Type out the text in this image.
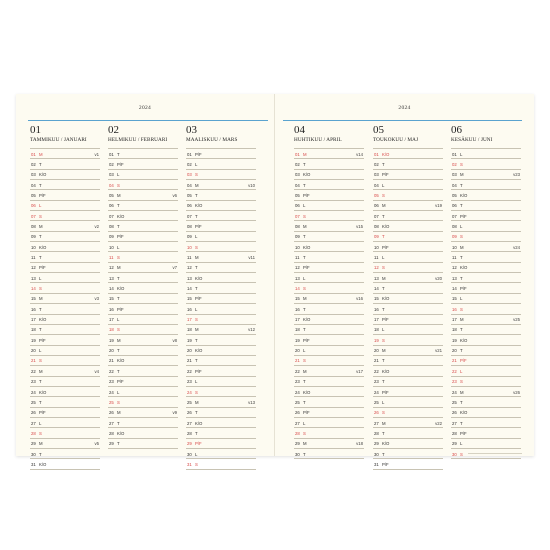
2024
01
TAMMIKUU / JANUARI
01 M	v1
02 T
03 K/O
04 T
05 P/F
06 L
07 S
08 M	v2
09 T
10 K/O
11 T
12 P/F
13 L
14 S
15 M	v3
16 T
17 K/O
18 T
19 P/F
20 L
21 S
22 M	v4
23 T
24 K/O
25 T
26 P/F
27 L
28 S
29 M	v5
30 T
31 K/O
02
HELMIKUU / FEBRUARI
01 T
02 P/F
03 L
04 S
05 M	v6
06 T
07 K/O
08 T
09 P/F
10 L
11 S
12 M	v7
13 T
14 K/O
15 T
16 P/F
17 L
18 S
19 M	v8
20 T
21 K/O
22 T
23 P/F
24 L
25 S
26 M	v9
27 T
28 K/O
29 T
03
MAALISKUU / MARS
01 P/F
02 L
03 S
04 M	v10
05 T
06 K/O
07 T
08 P/F
09 L
10 S
11 M	v11
12 T
13 K/O
14 T
15 P/F
16 L
17 S
18 M	v12
19 T
20 K/O
21 T
22 P/F
23 L
24 S
25 M	v13
26 T
27 K/O
28 T
29 P/F
30 L
31 S
2024
04
HUHTIKUU / APRIL
01 M	v14
02 T
03 K/O
04 T
05 P/F
06 L
07 S
08 M	v15
09 T
10 K/O
11 T
12 P/F
13 L
14 S
15 M	v16
16 T
17 K/O
18 T
19 P/F
20 L
21 S
22 M	v17
23 T
24 K/O
25 T
26 P/F
27 L
28 S
29 M	v18
30 T
05
TOUKOKUU / MAJ
01 K/O
02 T
03 P/F
04 L
05 S
06 M	v19
07 T
08 K/O
09 T
10 P/F
11 L
12 S
13 M	v20
14 T
15 K/O
16 T
17 P/F
18 L
19 S
20 M	v21
21 T
22 K/O
23 T
24 P/F
25 L
26 S
27 M	v22
28 T
29 K/O
30 T
31 P/F
06
KESÄKUU / JUNI
01 L
02 S
03 M	v23
04 T
05 K/O
06 T
07 P/F
08 L
09 S
10 M	v24
11 T
12 K/O
13 T
14 P/F
15 L
16 S
17 M	v25
18 T
19 K/O
20 T
21 P/F
22 L
23 S
24 M	v26
25 T
26 K/O
27 T
28 P/F
29 L
30 S
